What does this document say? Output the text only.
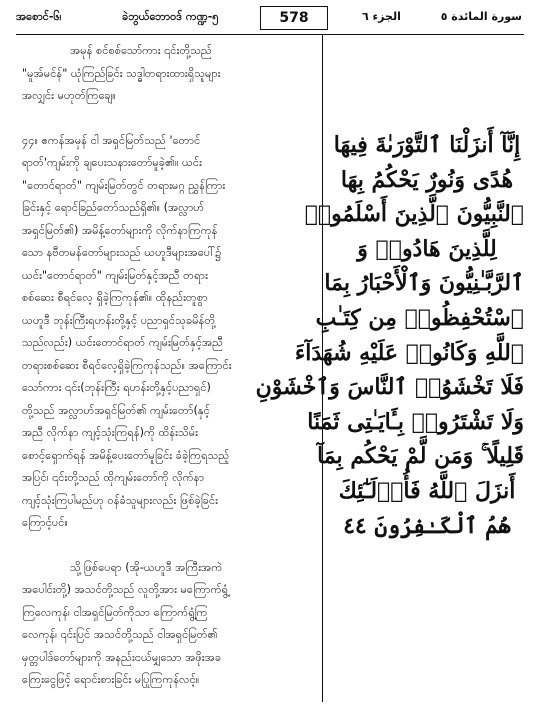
အစောင်-၆၊	ခဲဘွယ်ဘောဝဒ် ကဏ္ဍ-၅	578	الجزء ٦	سورة المائدة ٥
အမုန် စင်စစ်သော်ကား ၎င်းတို့သည်
"မူအ်မင်န်" ယုံကြည်ခြင်း သဒ္ဓါတရားထားရှိသူများ
အလျှင်း မဟုတ်ကြချေ။
၄၄။ ဧကန်အမှန် ငါ အရှင်မြတ်သည် 'တောင်
ရာတ်'ကျမ်းကို ချပေးသနားတော်မူခဲ့၏။ ယင်း
"တောင်ရာတ်" ကျမ်းမြတ်တွင် တရားမဂ္ဂ ညွှန်ကြား
ခြင်းနှင့် ရောင်ခြည်တော်သည်ရှိ၏။ (အလ္လာဟ်
အရှင်မြတ်၏) အမိန့်တော်များကို လိုက်နာကြကုန်
သော နဗီတမန်တော်များသည် ယဟူဒီများအပေါ်၌
ယင်း"တောင်ရာတ်" ကျမ်းမြတ်နှင့်အညီ တရား
စစ်ဆေး စီရင်လေ့ ရှိခဲ့ကြကုန်၏။ ထိုနည်းတူစွာ
ယဟူဒီ ဘုန်းကြီးရဟန်းတို့နှင့် ပညာရှင်သုခမိန်တို့
သည်လည်း) ယင်းတောင်ရာတ် ကျမ်းမြတ်နှင့်အညီ
တရားစစ်ဆေး စီရင်လေ့ရှိခဲ့ကြကုန်သည်။ အကြောင်း
သော်ကား ၎င်း(ဘုန်းကြီး ရဟန်းတို့နှင့်ပညာရှင်)
တို့သည် အလ္လာဟ်အရှင်မြတ်၏ ကျမ်းတော်(နှင့်
အညီ လိုက်နာ ကျင့်သုံးကြရန်)ကို ထိန်းသိမ်း
စောင့်ရှောက်ရန် အမိန့်ပေးတော်မူခြင်း ခံခဲ့ကြရသည့်
အပြင်၊ ၎င်းတို့သည် ထိုကျမ်းတော်ကို လိုက်နာ
ကျင့်သုံးကြပါမည်ဟု ဝန်ခံသူများလည်း ဖြစ်ခဲ့ခြင်း
ကြောင့်ပင်။
သို့ဖြစ်ပေရာ (အို-ယဟူဒီ အကြီးအကဲ
အပေါင်းတို့) အသင်တို့သည် လူတို့အား မကြောက်ရွံ့
ကြလေကုန်၊ ငါအရှင်မြတ်ကိုသာ ကြောက်ရွံ့ကြ
လေကုန်၊ ၎င်းပြင် အသင်တို့သည် ငါအရှင်မြတ်၏
မှတ္တပါဒ်တော်များကို အနည်းငယ်မျှသော အဖိုးအခ
ကြေးငွေဖြင့် ရောင်းစားခြင်း မပြုကြကုန်လင့်။
إِنَّآ أَنزَلْنَا ٱلتَّوْرَىٰةَ فِيهَا
هُدًى وَنُورٌ يَحْكُمُ بِهَا
ٱلنَّبِيُّونَ ٱلَّذِينَ أَسْلَمُوا۟
لِلَّذِينَ هَادُوا۟ وَ
ٱلرَّبَّـٰنِيُّونَ وَٱلْأَحْبَارُ بِمَا
ٱسْتُحْفِظُوا۟ مِن كِتَـٰبِ
ٱللَّهِ وَكَانُوا۟ عَلَيْهِ شُهَدَآءَ
فَلَا تَخْشَوُا۟ ٱلنَّاسَ وَٱخْشَوْنِ
وَلَا تَشْتَرُوا۟ بِـَٔايَـٰتِى ثَمَنًا
قَلِيلًا ۚ وَمَن لَّمْ يَحْكُم بِمَآ
أَنزَلَ ٱللَّهُ فَأُو۟لَـٰٓئِكَ
هُمُ ٱلْكَـٰفِرُونَ ٤٤
